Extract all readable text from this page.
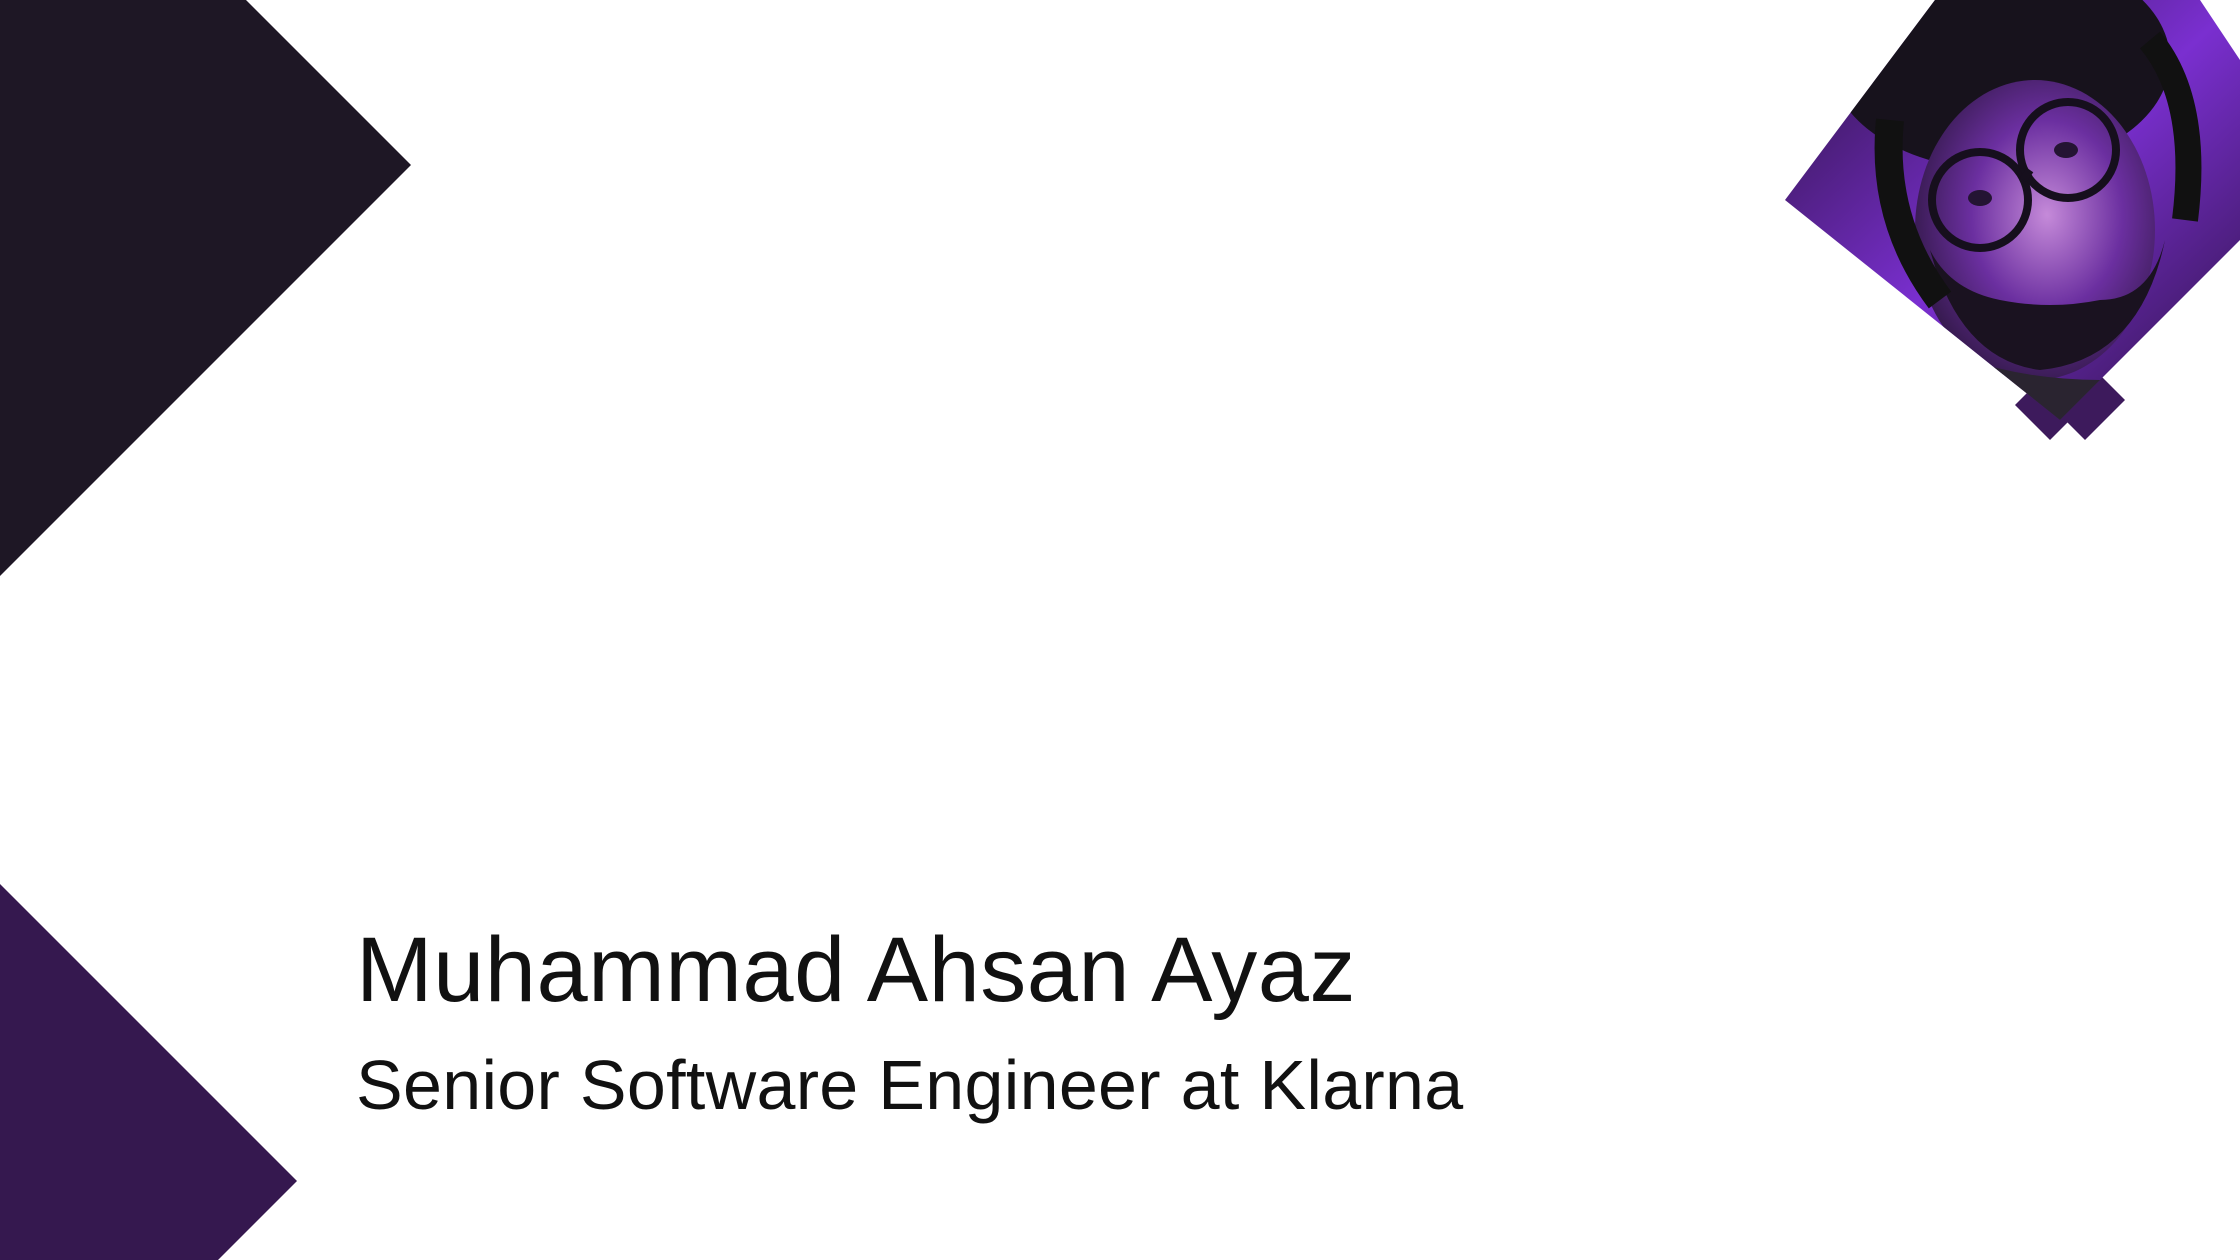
Muhammad Ahsan Ayaz
Senior Software Engineer at Klarna
